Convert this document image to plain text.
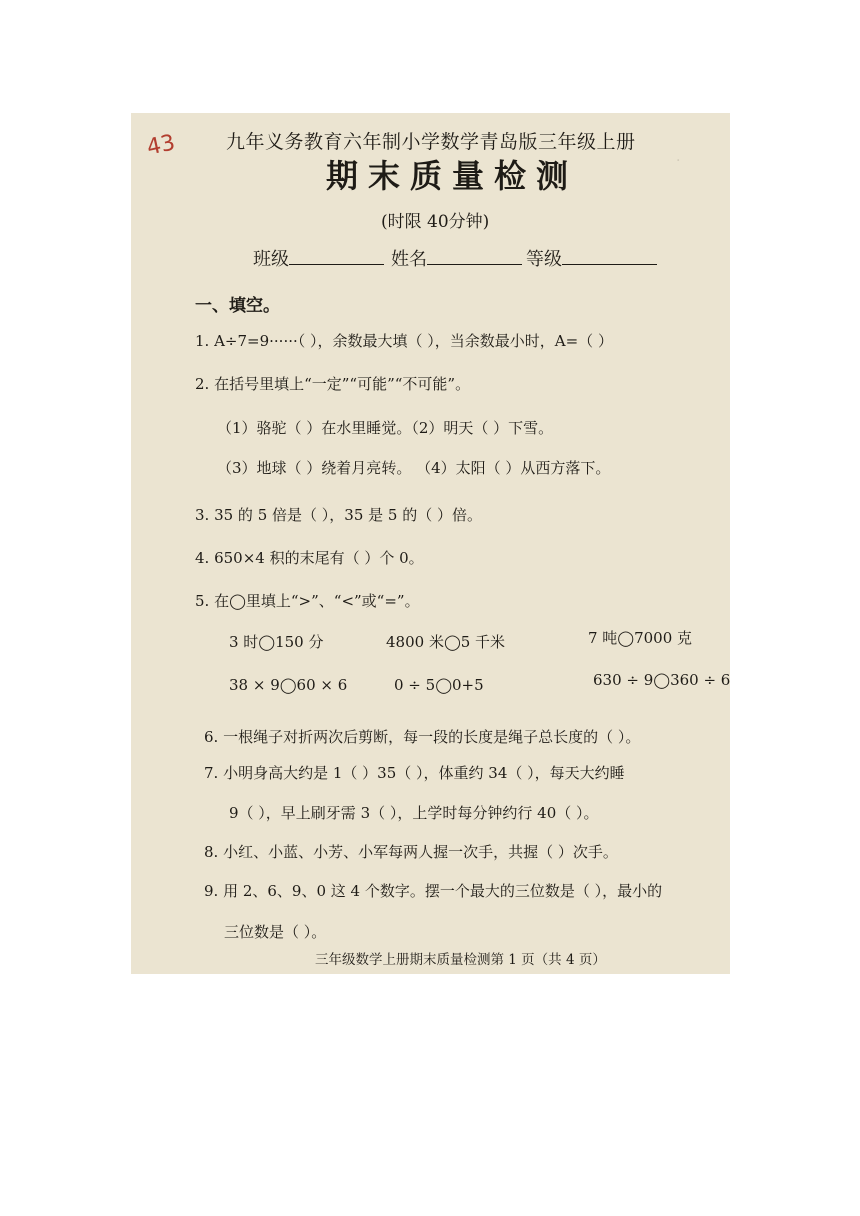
·
43	九年义务教育六年制小学数学青岛版三年级上册
期末质量检测
(时限 40分钟)
班级	姓名	等级
一、填空。
1. A÷7=9······（ ），余数最大填（ ），当余数最小时，A=（ ）
2. 在括号里填上“一定”“可能”“不可能”。
（1）骆驼（ ）在水里睡觉。（2）明天（ ）下雪。
（3）地球（ ）绕着月亮转。 （4）太阳（ ）从西方落下。
3. 35 的 5 倍是（ ），35 是 5 的（ ）倍。
4. 650×4 积的末尾有（ ）个 0。
5. 在◯里填上“>”、“<”或“=”。
3 时◯150 分	4800 米◯5 千米	7 吨◯7000 克
38 × 9◯60 × 6	0 ÷ 5◯0+5	630 ÷ 9◯360 ÷ 6
6. 一根绳子对折两次后剪断，每一段的长度是绳子总长度的（ ）。
7. 小明身高大约是 1（ ）35（ ），体重约 34（ ），每天大约睡
9（ ），早上刷牙需 3（ ），上学时每分钟约行 40（ ）。
8. 小红、小蓝、小芳、小军每两人握一次手，共握（ ）次手。
9. 用 2、6、9、0 这 4 个数字。摆一个最大的三位数是（ ），最小的
三位数是（ ）。
三年级数学上册期末质量检测第 1 页（共 4 页）
